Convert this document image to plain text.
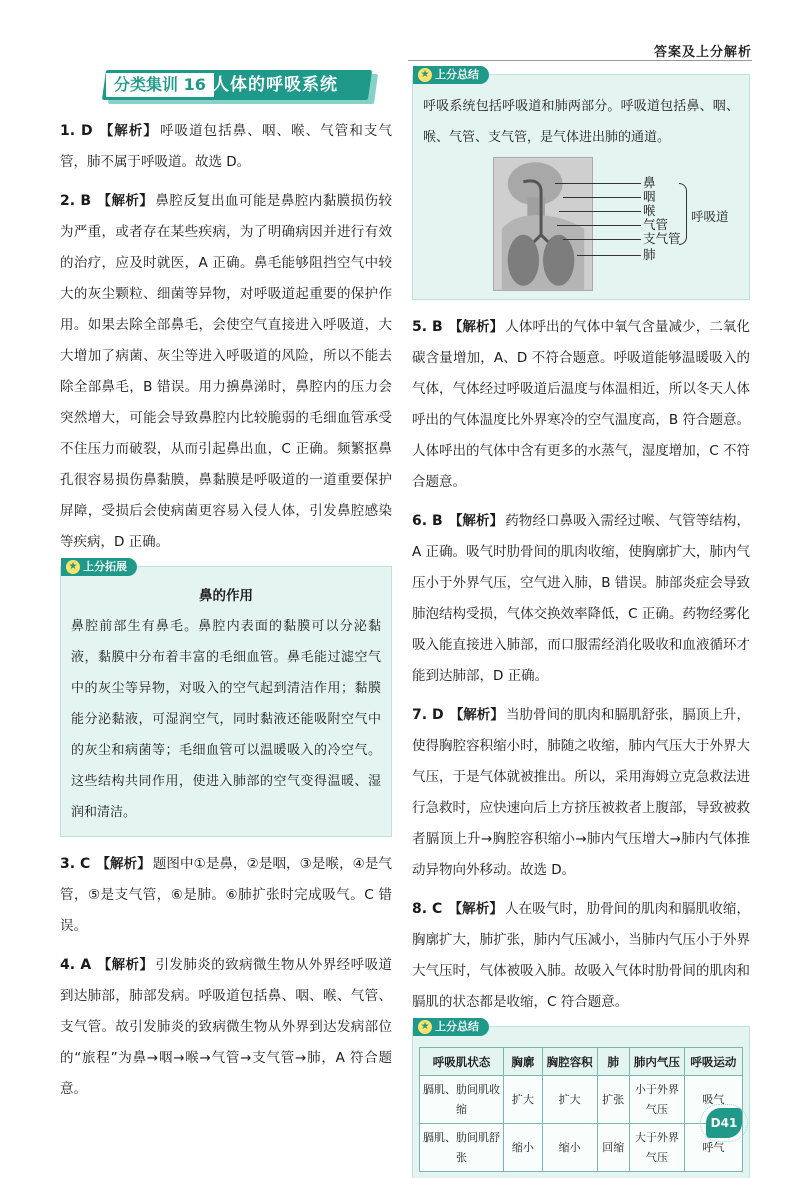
答案及上分解析
分类集训 16 人体的呼吸系统
1. D 【解析】 呼吸道包括鼻、咽、喉、气管和支气管，肺不属于呼吸道。故选 D。
2. B 【解析】 鼻腔反复出血可能是鼻腔内黏膜损伤较为严重，或者存在某些疾病，为了明确病因并进行有效的治疗，应及时就医，A 正确。鼻毛能够阻挡空气中较大的灰尘颗粒、细菌等异物，对呼吸道起重要的保护作用。如果去除全部鼻毛，会使空气直接进入呼吸道，大大增加了病菌、灰尘等进入呼吸道的风险，所以不能去除全部鼻毛，B 错误。用力擤鼻涕时，鼻腔内的压力会突然增大，可能会导致鼻腔内比较脆弱的毛细血管承受不住压力而破裂，从而引起鼻出血，C 正确。频繁抠鼻孔很容易损伤鼻黏膜，鼻黏膜是呼吸道的一道重要保护屏障，受损后会使病菌更容易入侵人体，引发鼻腔感染等疾病，D 正确。
★ 上分拓展
鼻的作用
鼻腔前部生有鼻毛。鼻腔内表面的黏膜可以分泌黏液，黏膜中分布着丰富的毛细血管。鼻毛能过滤空气中的灰尘等异物，对吸入的空气起到清洁作用；黏膜能分泌黏液，可湿润空气，同时黏液还能吸附空气中的灰尘和病菌等；毛细血管可以温暖吸入的冷空气。这些结构共同作用，使进入肺部的空气变得温暖、湿润和清洁。
3. C 【解析】 题图中①是鼻，②是咽，③是喉，④是气管，⑤是支气管，⑥是肺。⑥肺扩张时完成吸气。C 错误。
4. A 【解析】 引发肺炎的致病微生物从外界经呼吸道到达肺部，肺部发病。呼吸道包括鼻、咽、喉、气管、支气管。故引发肺炎的致病微生物从外界到达发病部位的“旅程”为鼻→咽→喉→气管→支气管→肺，A 符合题意。
★ 上分总结
呼吸系统包括呼吸道和肺两部分。呼吸道包括鼻、咽、喉、气管、支气管，是气体进出肺的通道。
鼻
咽
喉
气管
支气管
肺
呼吸道
5. B 【解析】 人体呼出的气体中氧气含量减少，二氧化碳含量增加，A、D 不符合题意。呼吸道能够温暖吸入的气体，气体经过呼吸道后温度与体温相近，所以冬天人体呼出的气体温度比外界寒冷的空气温度高，B 符合题意。人体呼出的气体中含有更多的水蒸气，湿度增加，C 不符合题意。
6. B 【解析】 药物经口鼻吸入需经过喉、气管等结构，A 正确。吸气时肋骨间的肌肉收缩，使胸廓扩大，肺内气压小于外界气压，空气进入肺，B 错误。肺部炎症会导致肺泡结构受损，气体交换效率降低，C 正确。药物经雾化吸入能直接进入肺部，而口服需经消化吸收和血液循环才能到达肺部，D 正确。
7. D 【解析】 当肋骨间的肌肉和膈肌舒张，膈顶上升，使得胸腔容积缩小时，肺随之收缩，肺内气压大于外界大气压，于是气体就被推出。所以，采用海姆立克急救法进行急救时，应快速向后上方挤压被救者上腹部，导致被救者膈顶上升→胸腔容积缩小→肺内气压增大→肺内气体推动异物向外移动。故选 D。
8. C 【解析】 人在吸气时，肋骨间的肌肉和膈肌收缩，胸廓扩大，肺扩张，肺内气压减小，当肺内气压小于外界大气压时，气体被吸入肺。故吸入气体时肋骨间的肌肉和膈肌的状态都是收缩，C 符合题意。
★ 上分总结
呼吸肌状态	胸廓	胸腔容积	肺	肺内气压	呼吸运动
膈肌、肋间肌收缩	扩大	扩大	扩张	小于外界气压	吸气
膈肌、肋间肌舒张	缩小	缩小	回缩	大于外界气压	呼气
D41
